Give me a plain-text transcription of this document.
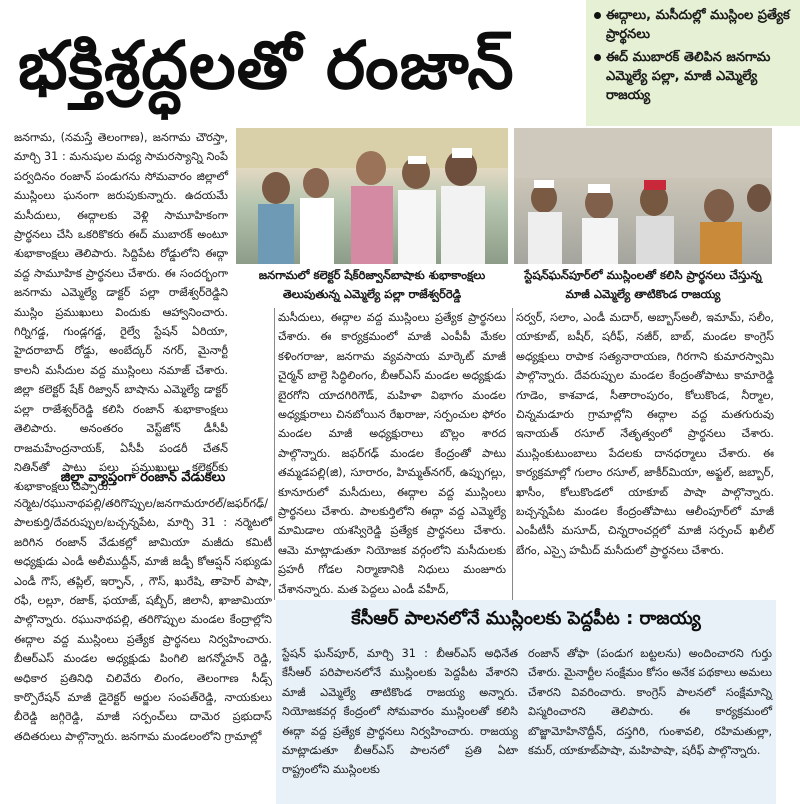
భక్తిశ్రద్ధలతో రంజాన్
ఈద్గాలు, మసీదుల్లో ముస్లింల ప్రత్యేక ప్రార్థనలు
ఈద్ ముబారక్ తెలిపిన జనగామ ఎమ్మెల్యే పల్లా, మాజీ ఎమ్మెల్యే రాజయ్య
జనగామలో కలెక్టర్ షేక్‌రిజ్వాన్‌బాషాకు శుభాకాంక్షలు తెలుపుతున్న ఎమ్మెల్యే పల్లా రాజేశ్వర్‌రెడ్డి
స్టేషన్‌ఘన్‌పూర్‌లో ముస్లింలతో కలిసి ప్రార్థనలు చేస్తున్న మాజీ ఎమ్మెల్యే తాటికొండ రాజయ్య

జనగామ, (నమస్తే తెలంగాణ), జనగామ చౌరస్తా, మార్చి 31 : మనుషుల మధ్య సామరస్యాన్ని నింపే పర్వదినం రంజాన్ పండుగను సోమవారం జిల్లాలో ముస్లింలు ఘనంగా జరుపుకున్నారు. ఉదయమే మసీదులు, ఈద్గాలకు వెళ్లి సామూహికంగా ప్రార్థనలు చేసి ఒకరికొకరు ఈద్ ముబారక్ అంటూ శుభాకాంక్షలు తెలిపారు. సిద్దిపేట రోడ్డులోని ఈద్గా వద్ద సామూహిక ప్రార్థనలు చేశారు. ఈ సందర్భంగా జనగామ ఎమ్మెల్యే డాక్టర్ పల్లా రాజేశ్వర్‌రెడ్డిని ముస్లిం ప్రముఖులు విందుకు ఆహ్వానించారు. గిర్నిగడ్డ, గుండ్లగడ్డ, రైల్వే స్టేషన్ ఏరియా, హైదరాబాద్ రోడ్డు, అంబేద్కర్ నగర్, మైనార్టీ కాలనీ మసీదుల వద్ద ముస్లింలు నమాజ్ చేశారు. జిల్లా కలెక్టర్ షేక్ రిజ్వాన్ బాషాను ఎమ్మెల్యే డాక్టర్ పల్లా రాజేశ్వర్‌రెడ్డి కలిసి రంజాన్ శుభాకాంక్షలు తెలిపారు. అనంతరం వెస్ట్‌జోన్ డీసీపీ రాజమహేంద్రనాయక్, ఏసీపీ పండరీ చేతన్ నితిన్‌తో పాటు పలు ప్రముఖులు కలెక్టర్‌కు శుభాకాంక్షలు చెప్పారు.

జిల్లా వ్యాప్తంగా రంజాన్ వేడుకలు

నర్మెట/రఘునాథపల్లి/తరిగొప్పుల/జనగామరూరల్/జఫర్‌గఢ్/పాలకుర్తి/దేవరుప్పుల/బచ్చన్నపేట, మార్చి 31 : నర్మెటలో జరిగిన రంజాన్ వేడుకల్లో జామియా మజీదు కమిటీ అధ్యక్షుడు ఎండీ అలీముద్దీన్, మాజీ జడ్పీ కోఆప్షన్ సభ్యుడు ఎండీ గౌస్, తప్లిల్, ఇర్ఫాన్, , గౌస్, ఖురేషి, తాహెర్ పాషా, రఫీ, లల్లూ, రజాక్, ఫయాజ్, షబ్బీర్, జిలానీ, ఖాజామియా పాల్గొన్నారు. రఘునాథపల్లి, తరిగొప్పుల మండల కేంద్రాల్లోని ఈద్గాల వద్ద ముస్లింలు ప్రత్యేక ప్రార్థనలు నిర్వహించారు. బీఆర్‌ఎస్ మండల అధ్యక్షుడు పింగిలి జగన్మోహన్ రెడ్డి, అధికార ప్రతినిధి చిలివేరు లింగం, తెలంగాణ సీడ్స్ కార్పొరేషన్ మాజీ డైరెక్టర్ అర్జుల సంపత్‌రెడ్డి, నాయకులు బీరెడ్డి జగ్గిరెడ్డి, మాజీ సర్పంచ్‌లు దామెర ప్రభుదాస్ తదితరులు పాల్గొన్నారు. జనగామ మండలంలోని గ్రామాల్లో

మసీదులు, ఈద్గాల వద్ద ముస్లింలు ప్రత్యేక ప్రార్థనలు చేశారు. ఈ కార్యక్రమంలో మాజీ ఎంపీపీ మేకల కళింగరాజు, జనగామ వ్యవసాయ మార్కెట్ మాజీ చైర్మన్ బాల్దె సిద్ధిలింగం, బీఆర్‌ఎస్ మండల అధ్యక్షుడు బైరగోని యాదగిరిగౌడ్, మహిళా విభాగం మండల అధ్యక్షురాలు చినబోయిన రేఖరాజు, సర్పంచుల ఫోరం మండల మాజీ అధ్యక్షురాలు బొల్లం శారద పాల్గొన్నారు. జఫర్‌గఢ్ మండల కేంద్రంతో పాటు తమ్మడపల్లి(జి), సూరారం, హిమ్మత్‌నగర్, ఉప్పుగల్లు, కూనూరులో మసీదులు, ఈద్గాల వద్ద ముస్లింలు ప్రార్థనలు చేశారు. పాలకుర్తిలోని ఈద్గా వద్ద ఎమ్మెల్యే మామిడాల యశస్విరెడ్డి ప్రత్యేక ప్రార్థనలు చేశారు. ఆమె మాట్లాడుతూ నియోజక వర్గంలోని మసీదులకు ప్రహరీ గోడల నిర్మాణానికి నిధులు మంజూరు చేశానన్నారు. మత పెద్దలు ఎండీ వహీద్,

సర్వర్, సలాం, ఎండీ మదార్, అబ్బాస్‌అలీ, ఇమామ్, సలీం, యాకూబ్, బషీర్, షరీఫ్, నజీర్, బాబ్, మండల కాంగ్రెస్ అధ్యక్షులు రాపాక సత్యనారాయణ, గిరగాని కుమారస్వామి పాల్గొన్నారు. దేవరుప్పుల మండల కేంద్రంతోపాటు కామారెడ్డి గూడెం, కాశవాడ, సీతారాంపురం, కోలుకొండ, నీర్మాల, చిన్నమడూరు గ్రామాల్లోని ఈద్గాల వద్ద మతగురువు ఇనాయత్ రసూల్ నేతృత్వంలో ప్రార్థనలు చేశారు. ముస్లింకుటుంబాలు పేదలకు దానధర్మాలు చేశారు. ఈ కార్యక్రమాల్లో గులాం రసూల్, జాకీర్‌మియా, అఫ్జల్, జబ్బార్, ఖాసీం, కోలుకొండలో యాకూబ్ పాషా పాల్గొన్నారు. బచ్చన్నపేట మండల కేంద్రంతోపాటు ఆలీంపూర్‌లో మాజీ ఎంపీటీసీ మసూద్, చిన్నరాంచర్లలో మాజీ సర్పంచ్ ఖలీల్ బేగం, ఎస్సై హమీద్ మసీదులో ప్రార్థనలు చేశారు.

కేసీఆర్ పాలనలోనే ముస్లింలకు పెద్దపీట : రాజయ్య

స్టేషన్ ఘన్‌పూర్, మార్చి 31 : బీఆర్‌ఎస్ అధినేత కేసీఆర్ పరిపాలనలోనే ముస్లింలకు పెద్దపీట వేశారని మాజీ ఎమ్మెల్యే తాటికొండ రాజయ్య అన్నారు. నియోజకవర్గ కేంద్రంలో సోమవారం ముస్లింలతో కలిసి ఈద్గా వద్ద ప్రత్యేక ప్రార్థనలు నిర్వహించారు. రాజయ్య మాట్లాడుతూ బీఆర్‌ఎస్ పాలనలో ప్రతి ఏటా రాష్ట్రంలోని ముస్లింలకు

రంజాన్ తోఫా (పండుగ బట్టలను) అందించారని గుర్తు చేశారు. మైనార్టీల సంక్షేమం కోసం అనేక పథకాలు అమలు చేశారని వివరించారు. కాంగ్రెస్ పాలనలో సంక్షేమాన్ని విస్మరించారని తెలిపారు. ఈ కార్యక్రమంలో బొజ్జామోహినొద్దీన్, దస్తగిరి, గుంశావలి, రహిమతుల్లా, కమర్, యాకూబ్‌పాషా, మహిపాషా, షరీఫ్ పాల్గొన్నారు.
